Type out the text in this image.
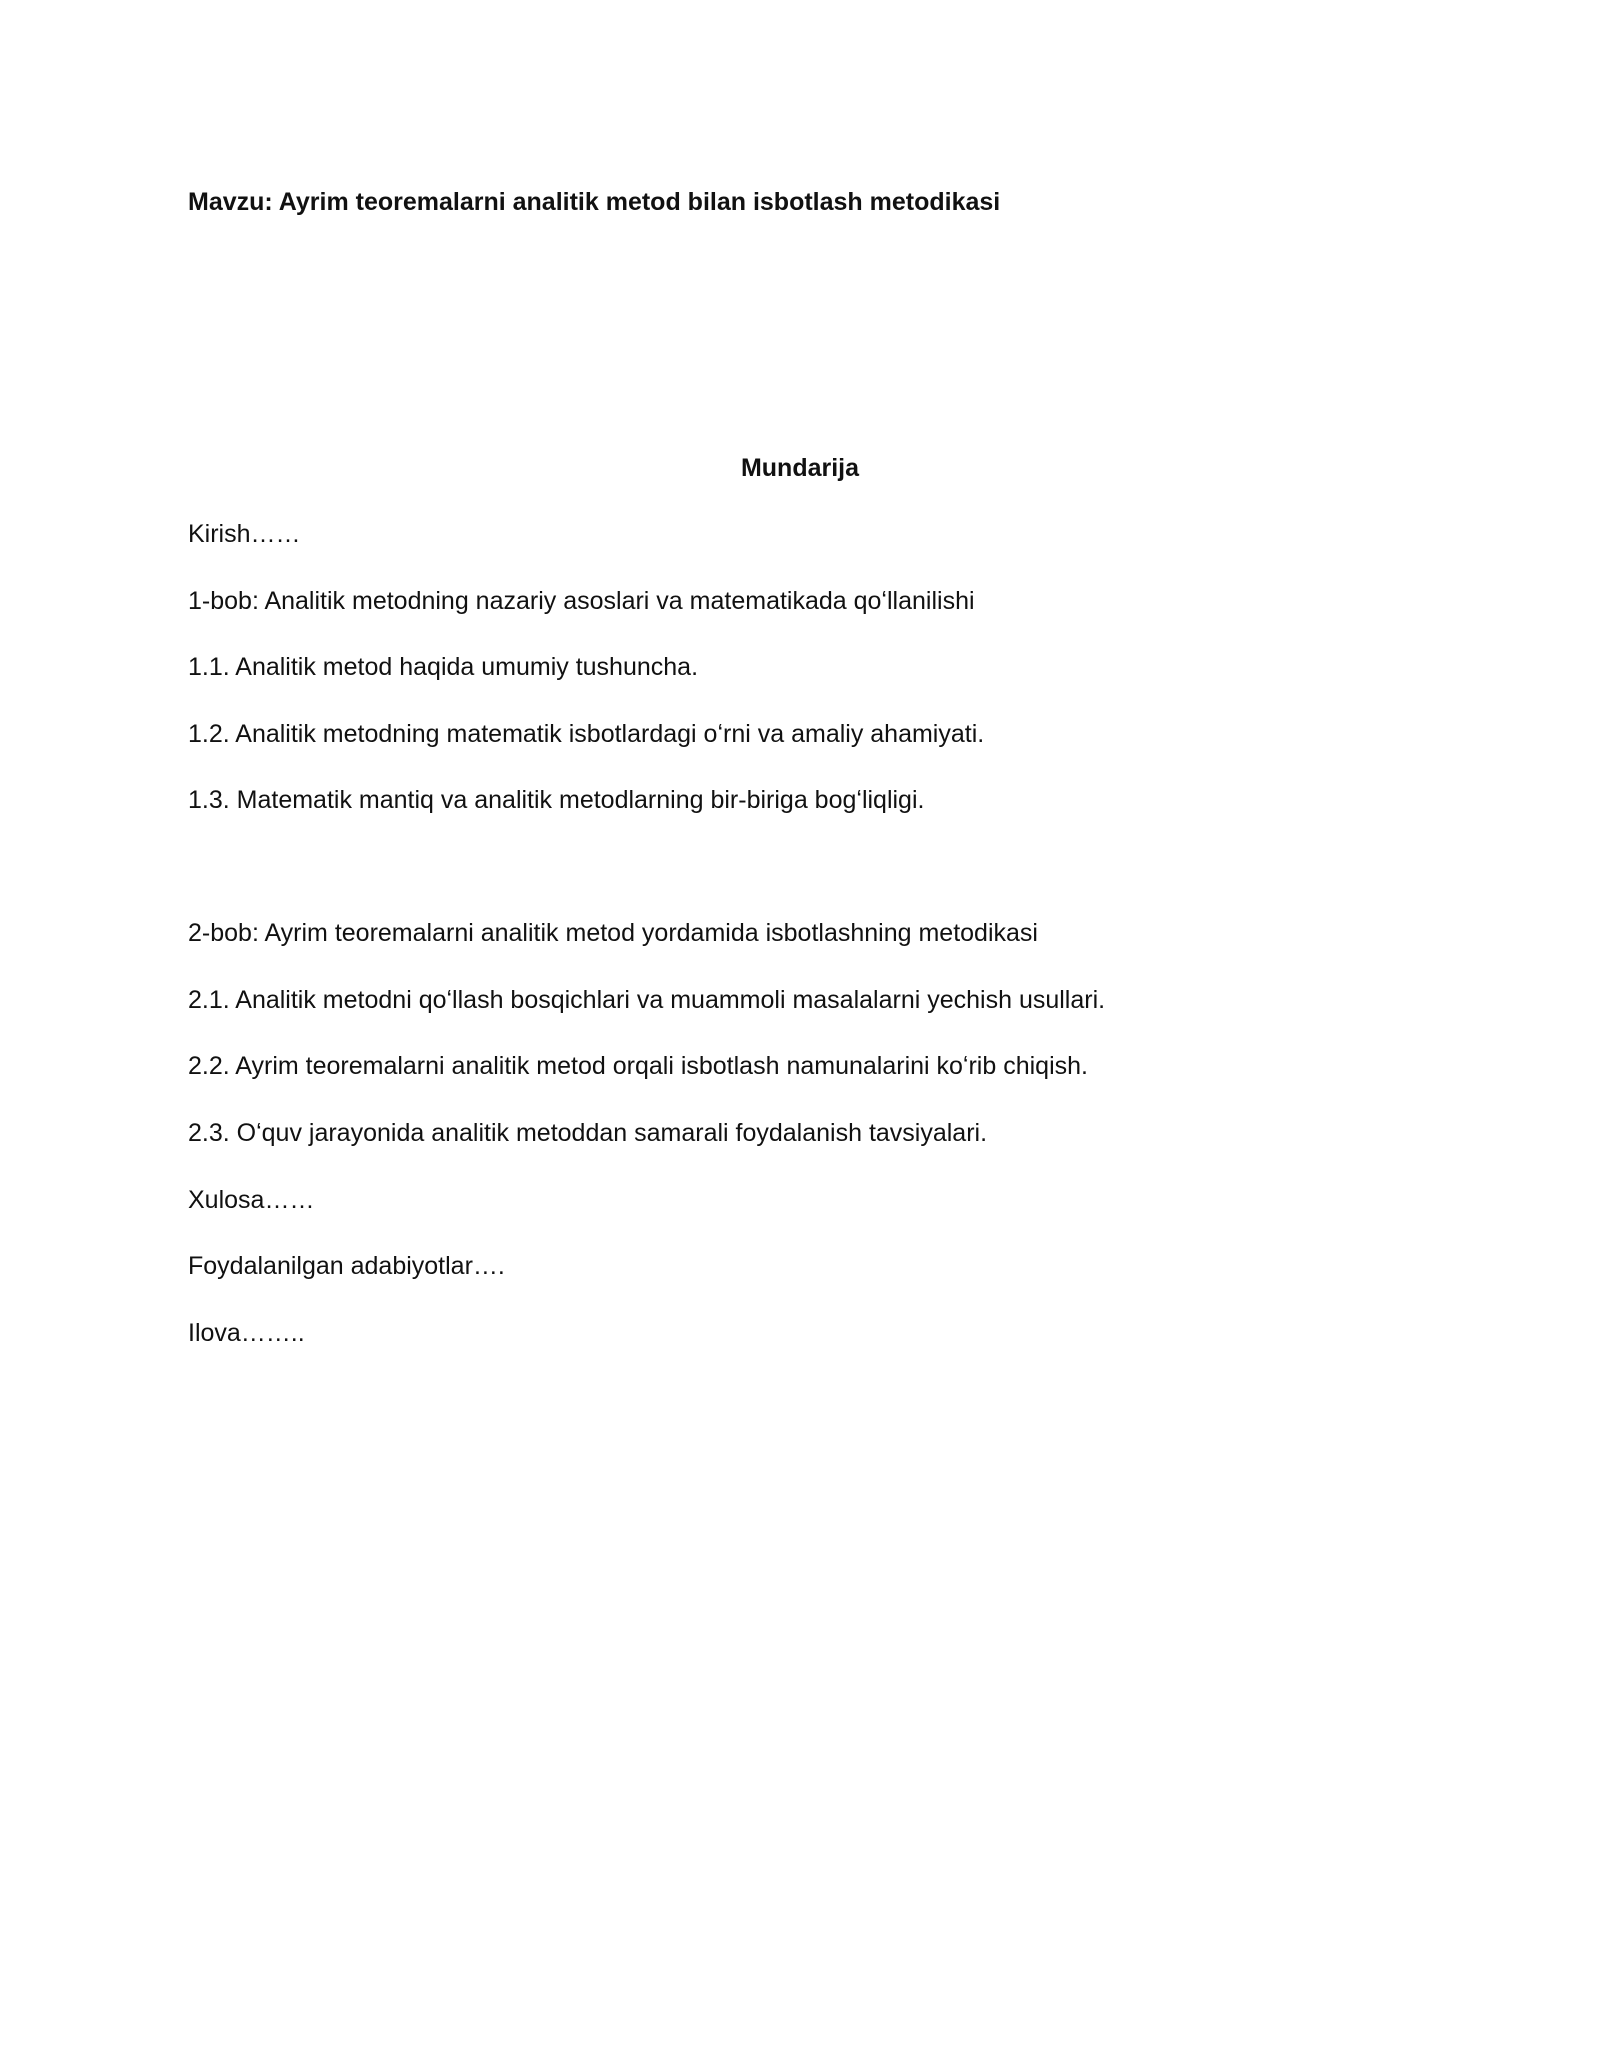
Mavzu: Ayrim teoremalarni analitik metod bilan isbotlash metodikasi
Mundarija
Kirish……
1-bob: Analitik metodning nazariy asoslari va matematikada qoʻllanilishi
1.1. Analitik metod haqida umumiy tushuncha.
1.2. Analitik metodning matematik isbotlardagi oʻrni va amaliy ahamiyati.
1.3. Matematik mantiq va analitik metodlarning bir-biriga bogʻliqligi.
2-bob: Ayrim teoremalarni analitik metod yordamida isbotlashning metodikasi
2.1. Analitik metodni qoʻllash bosqichlari va muammoli masalalarni yechish usullari.
2.2. Ayrim teoremalarni analitik metod orqali isbotlash namunalarini koʻrib chiqish.
2.3. Oʻquv jarayonida analitik metoddan samarali foydalanish tavsiyalari.
Xulosa……
Foydalanilgan adabiyotlar….
Ilova……..
